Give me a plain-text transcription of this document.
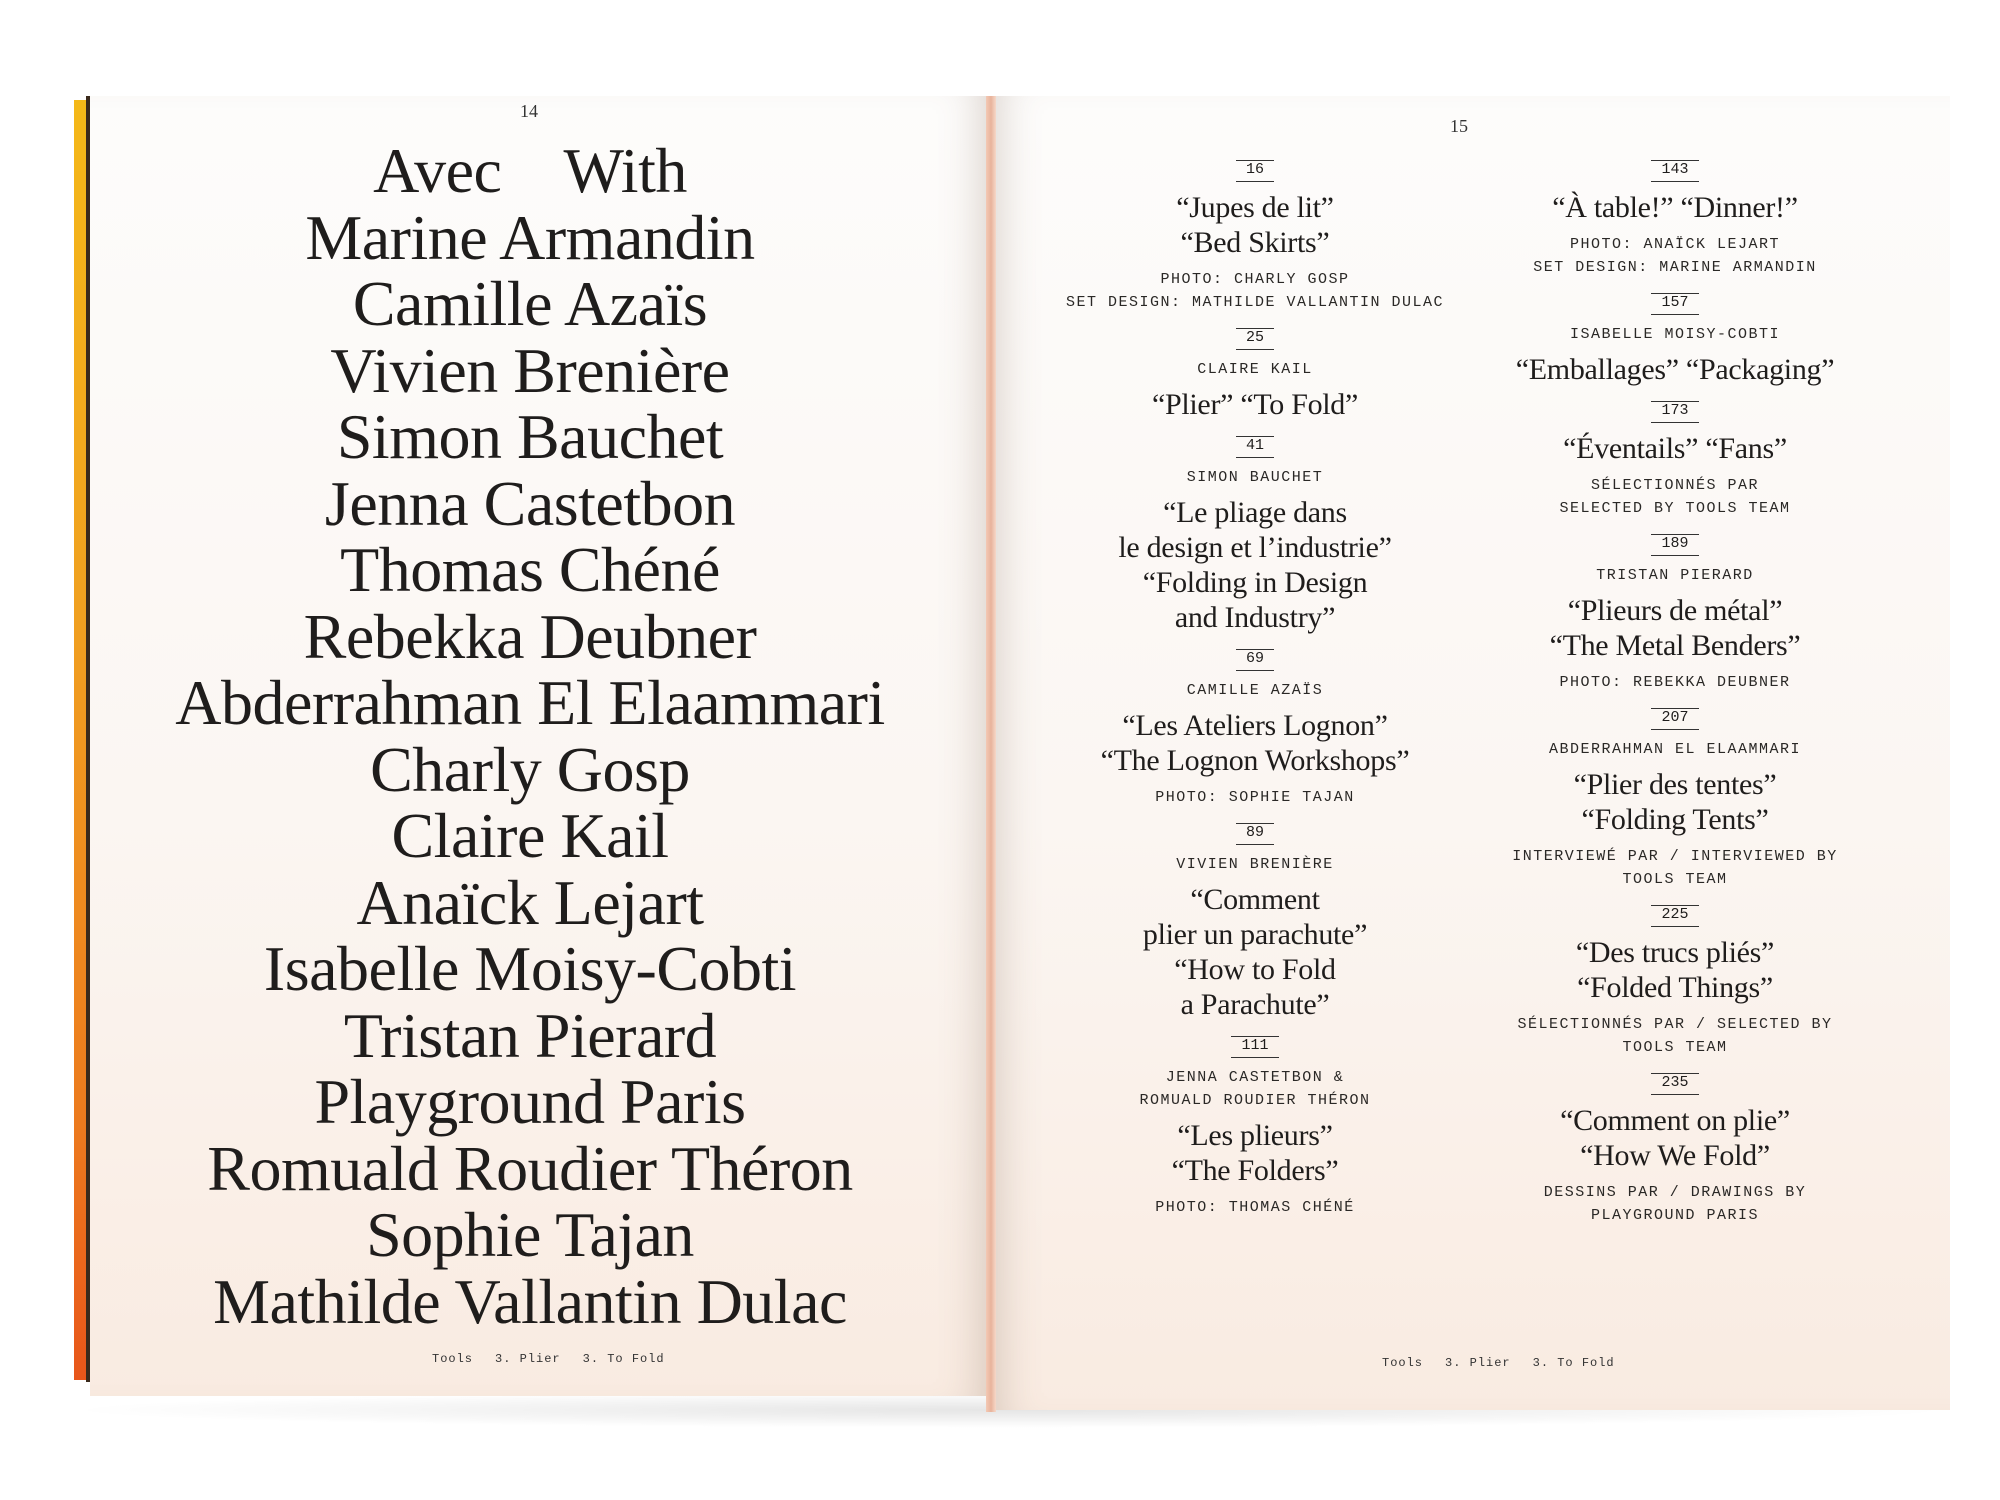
14
15
Avec With
Marine Armandin
Camille Azaïs
Vivien Brenière
Simon Bauchet
Jenna Castetbon
Thomas Chéné
Rebekka Deubner
Abderrahman El Elaammari
Charly Gosp
Claire Kail
Anaïck Lejart
Isabelle Moisy-Cobti
Tristan Pierard
Playground Paris
Romuald Roudier Théron
Sophie Tajan
Mathilde Vallantin Dulac
16

“Jupes de lit”
“Bed Skirts”
PHOTO: CHARLY GOSP
SET DESIGN: MATHILDE VALLANTIN DULAC
25

CLAIRE KAIL
“Plier” “To Fold”
41

SIMON BAUCHET
“Le pliage dans
le design et l’industrie”
“Folding in Design
and Industry”
69

CAMILLE AZAÏS
“Les Ateliers Lognon”
“The Lognon Workshops”
PHOTO: SOPHIE TAJAN
89

VIVIEN BRENIÈRE
“Comment
plier un parachute”
“How to Fold
a Parachute”
111

JENNA CASTETBON &
ROMUALD ROUDIER THÉRON
“Les plieurs”
“The Folders”
PHOTO: THOMAS CHÉNÉ
143

“À table!” “Dinner!”
PHOTO: ANAÏCK LEJART
SET DESIGN: MARINE ARMANDIN
157

ISABELLE MOISY-COBTI
“Emballages” “Packaging”
173

“Éventails” “Fans”
SÉLECTIONNÉS PAR
SELECTED BY TOOLS TEAM
189

TRISTAN PIERARD
“Plieurs de métal”
“The Metal Benders”
PHOTO: REBEKKA DEUBNER
207

ABDERRAHMAN EL ELAAMMARI
“Plier des tentes”
“Folding Tents”
INTERVIEWÉ PAR / INTERVIEWED BY
TOOLS TEAM
225

“Des trucs pliés”
“Folded Things”
SÉLECTIONNÉS PAR / SELECTED BY
TOOLS TEAM
235

“Comment on plie”
“How We Fold”
DESSINS PAR / DRAWINGS BY
PLAYGROUND PARIS
Tools 3. Plier 3. To Fold	Tools 3. Plier 3. To Fold
